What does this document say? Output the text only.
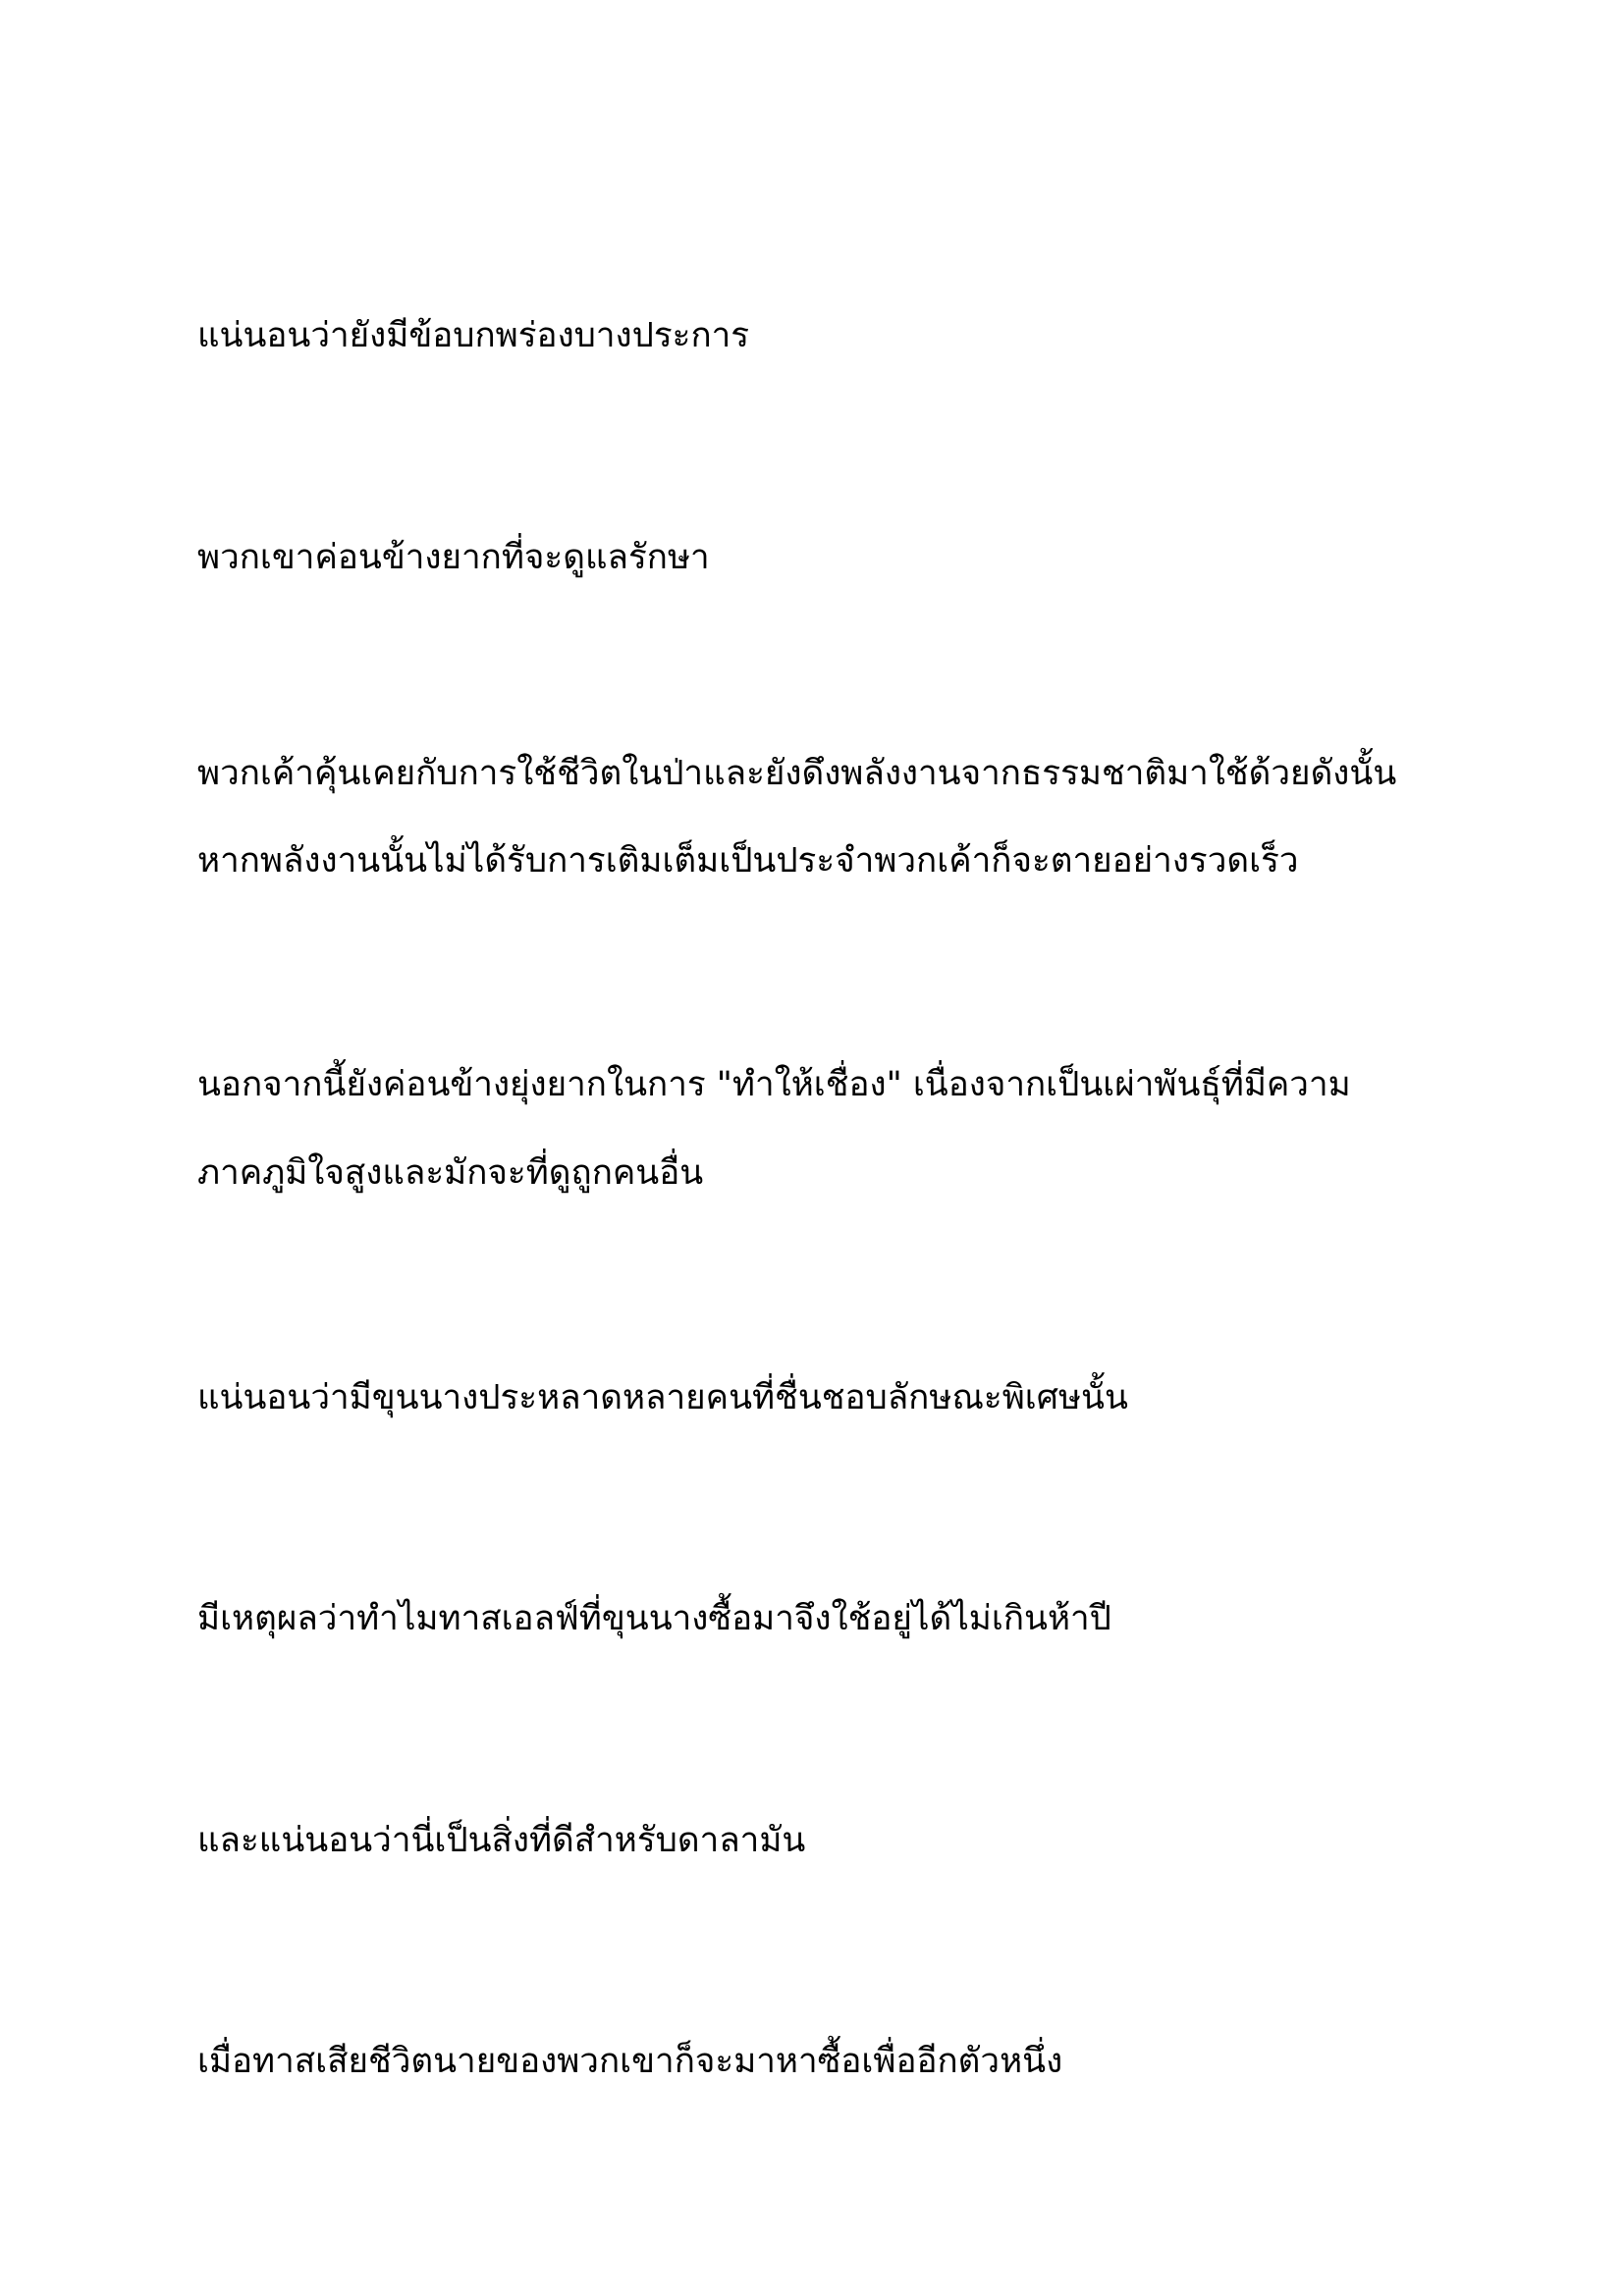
แน่นอนว่ายังมีข้อบกพร่องบางประการ

พวกเขาค่อนข้างยากที่จะดูแลรักษา

พวกเค้าคุ้นเคยกับการใช้ชีวิตในป่าและยังดึงพลังงานจากธรรมชาติมาใช้ด้วยดังนั้น

หากพลังงานนั้นไม่ได้รับการเติมเต็มเป็นประจำพวกเค้าก็จะตายอย่างรวดเร็ว

นอกจากนี้ยังค่อนข้างยุ่งยากในการ "ทำให้เชื่อง" เนื่องจากเป็นเผ่าพันธุ์ที่มีความ

ภาคภูมิใจสูงและมักจะที่ดูถูกคนอื่น

แน่นอนว่ามีขุนนางประหลาดหลายคนที่ชื่นชอบลักษณะพิเศษนั้น

มีเหตุผลว่าทำไมทาสเอลฟ์ที่ขุนนางซื้อมาจึงใช้อยู่ได้ไม่เกินห้าปี

และแน่นอนว่านี่เป็นสิ่งที่ดีสำหรับดาลามัน

เมื่อทาสเสียชีวิตนายของพวกเขาก็จะมาหาซื้อเพื่ออีกตัวหนึ่ง
